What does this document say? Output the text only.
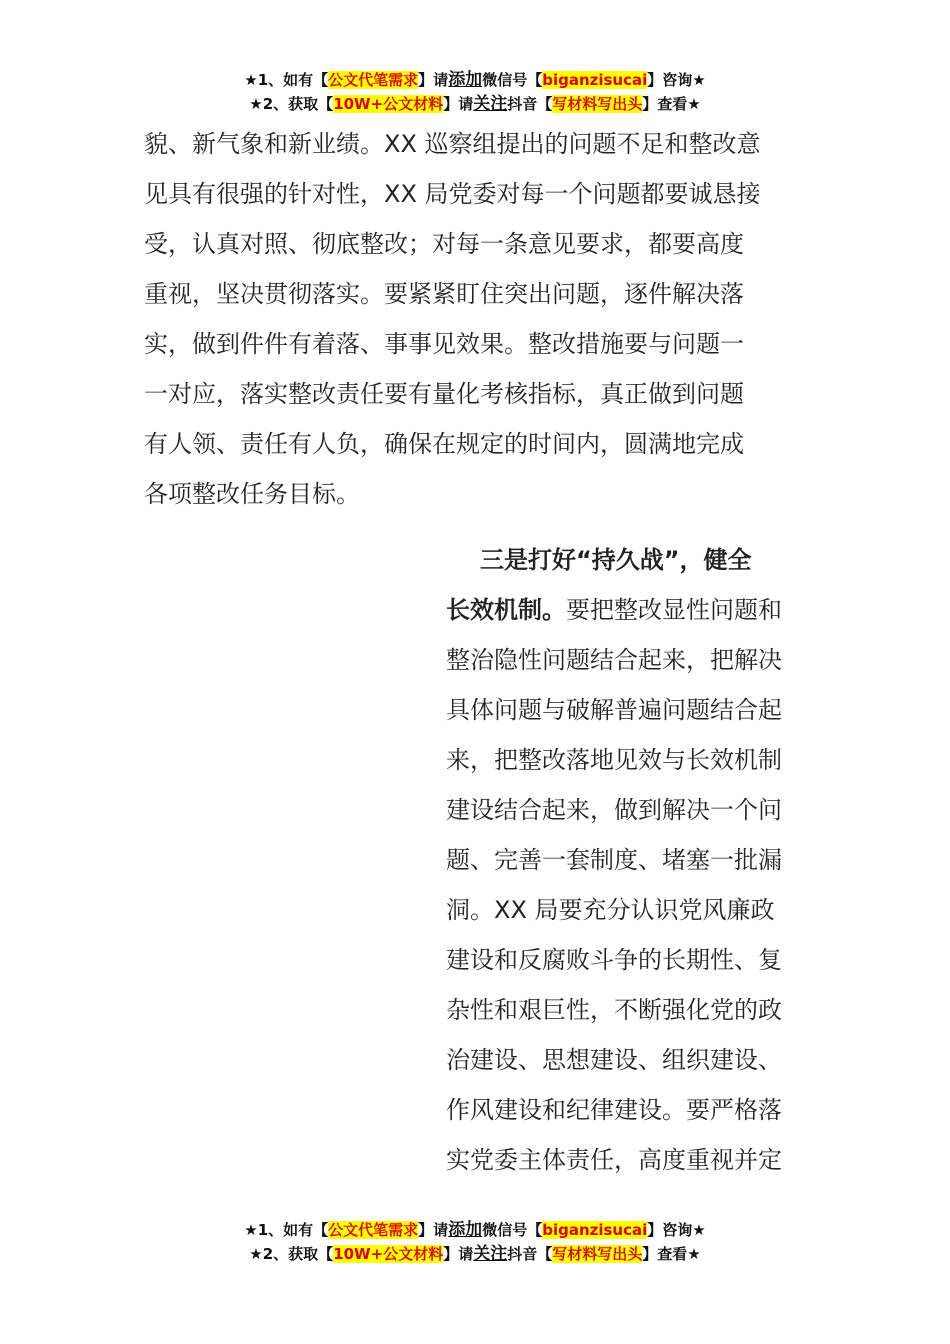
★1、如有【公文代笔需求】请添加微信号【biganzisucai】咨询★
★2、获取【10W+公文材料】请关注抖音【写材料写出头】查看★
貌、新气象和新业绩。XX 巡察组提出的问题不足和整改意
见具有很强的针对性，XX 局党委对每一个问题都要诚恳接
受，认真对照、彻底整改；对每一条意见要求，都要高度
重视，坚决贯彻落实。要紧紧盯住突出问题，逐件解决落
实，做到件件有着落、事事见效果。整改措施要与问题一
一对应，落实整改责任要有量化考核指标，真正做到问题
有人领、责任有人负，确保在规定的时间内，圆满地完成
各项整改任务目标。
三是打好“持久战”，健全
长效机制。要把整改显性问题和
整治隐性问题结合起来，把解决
具体问题与破解普遍问题结合起
来，把整改落地见效与长效机制
建设结合起来，做到解决一个问
题、完善一套制度、堵塞一批漏
洞。XX 局要充分认识党风廉政
建设和反腐败斗争的长期性、复
杂性和艰巨性，不断强化党的政
治建设、思想建设、组织建设、
作风建设和纪律建设。要严格落
实党委主体责任，高度重视并定
★1、如有【公文代笔需求】请添加微信号【biganzisucai】咨询★
★2、获取【10W+公文材料】请关注抖音【写材料写出头】查看★
